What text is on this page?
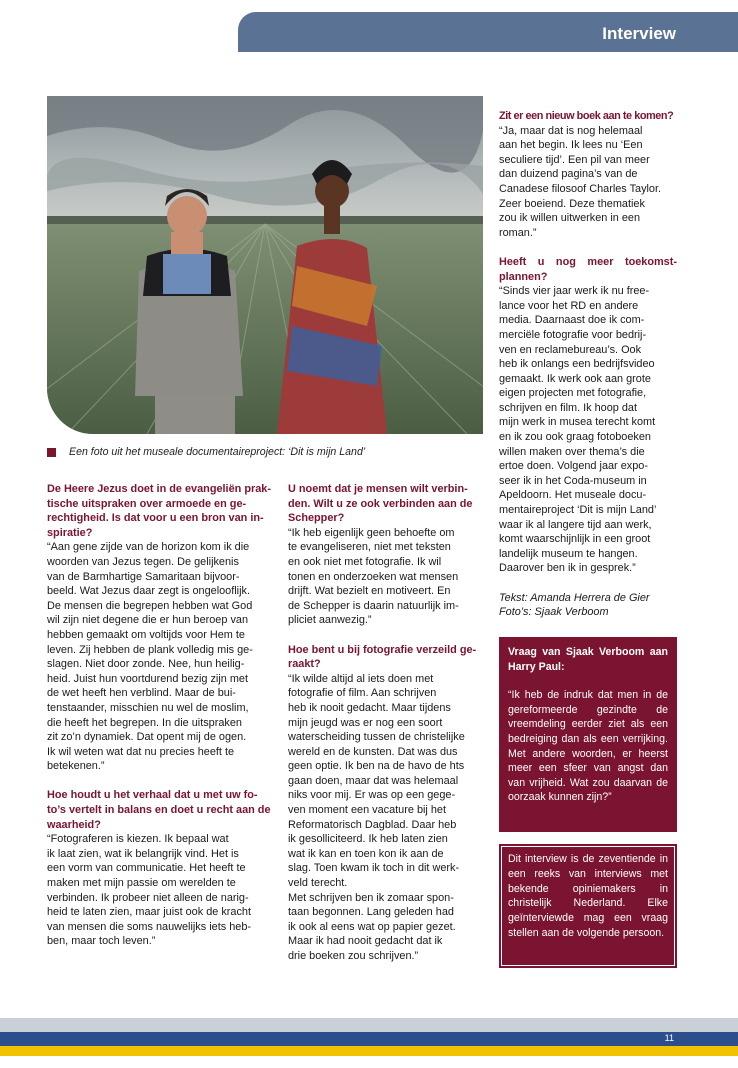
Interview
Een foto uit het museale documentaireproject: ‘Dit is mijn Land’
De Heere Jezus doet in de evangeliën prak-
tische uitspraken over armoede en ge-
rechtigheid. Is dat voor u een bron van in-
spiratie?
“Aan gene zijde van de horizon kom ik die
woorden van Jezus tegen. De gelijkenis
van de Barmhartige Samaritaan bijvoor-
beeld. Wat Jezus daar zegt is ongelooflijk.
De mensen die begrepen hebben wat God
wil zijn niet degene die er hun beroep van
hebben gemaakt om voltijds voor Hem te
leven. Zij hebben de plank volledig mis ge-
slagen. Niet door zonde. Nee, hun heilig-
heid. Juist hun voortdurend bezig zijn met
de wet heeft hen verblind. Maar de bui-
tenstaander, misschien nu wel de moslim,
die heeft het begrepen. In die uitspraken
zit zo’n dynamiek. Dat opent mij de ogen.
Ik wil weten wat dat nu precies heeft te
betekenen.”
Hoe houdt u het verhaal dat u met uw fo-
to’s vertelt in balans en doet u recht aan de
waarheid?
“Fotograferen is kiezen. Ik bepaal wat
ik laat zien, wat ik belangrijk vind. Het is
een vorm van communicatie. Het heeft te
maken met mijn passie om werelden te
verbinden. Ik probeer niet alleen de narig-
heid te laten zien, maar juist ook de kracht
van mensen die soms nauwelijks iets heb-
ben, maar toch leven.”
U noemt dat je mensen wilt verbin-
den. Wilt u ze ook verbinden aan de
Schepper?
“Ik heb eigenlijk geen behoefte om
te evangeliseren, niet met teksten
en ook niet met fotografie. Ik wil
tonen en onderzoeken wat mensen
drijft. Wat bezielt en motiveert. En
de Schepper is daarin natuurlijk im-
pliciet aanwezig.”
Hoe bent u bij fotografie verzeild ge-
raakt?
“Ik wilde altijd al iets doen met
fotografie of film. Aan schrijven
heb ik nooit gedacht. Maar tijdens
mijn jeugd was er nog een soort
waterscheiding tussen de christelijke
wereld en de kunsten. Dat was dus
geen optie. Ik ben na de havo de hts
gaan doen, maar dat was helemaal
niks voor mij. Er was op een gege-
ven moment een vacature bij het
Reformatorisch Dagblad. Daar heb
ik gesolliciteerd. Ik heb laten zien
wat ik kan en toen kon ik aan de
slag. Toen kwam ik toch in dit werk-
veld terecht.
Met schrijven ben ik zomaar spon-
taan begonnen. Lang geleden had
ik ook al eens wat op papier gezet.
Maar ik had nooit gedacht dat ik
drie boeken zou schrijven.”
Zit er een nieuw boek aan te komen?
“Ja, maar dat is nog helemaal
aan het begin. Ik lees nu ‘Een
seculiere tijd’. Een pil van meer
dan duizend pagina’s van de
Canadese filosoof Charles Taylor.
Zeer boeiend. Deze thematiek
zou ik willen uitwerken in een
roman.”
Heeft u nog meer toekomst-
plannen?
“Sinds vier jaar werk ik nu free-
lance voor het RD en andere
media. Daarnaast doe ik com-
merciële fotografie voor bedrij-
ven en reclamebureau’s. Ook
heb ik onlangs een bedrijfsvideo
gemaakt. Ik werk ook aan grote
eigen projecten met fotografie,
schrijven en film. Ik hoop dat
mijn werk in musea terecht komt
en ik zou ook graag fotoboeken
willen maken over thema’s die
ertoe doen. Volgend jaar expo-
seer ik in het Coda-museum in
Apeldoorn. Het museale docu-
mentaireproject ‘Dit is mijn Land’
waar ik al langere tijd aan werk,
komt waarschijnlijk in een groot
landelijk museum te hangen.
Daarover ben ik in gesprek.”
Tekst: Amanda Herrera de Gier
Foto’s: Sjaak Verboom
Vraag van Sjaak Verboom aan Harry Paul:
“Ik heb de indruk dat men in de gereformeerde gezindte de vreemdeling eerder ziet als een bedreiging dan als een verrijking. Met andere woorden, er heerst meer een sfeer van angst dan van vrijheid. Wat zou daarvan de oorzaak kunnen zijn?”
Dit interview is de zeventiende in een reeks van interviews met bekende opiniemakers in christelijk Nederland. Elke geïnterviewde mag een vraag stellen aan de volgende persoon.
11
